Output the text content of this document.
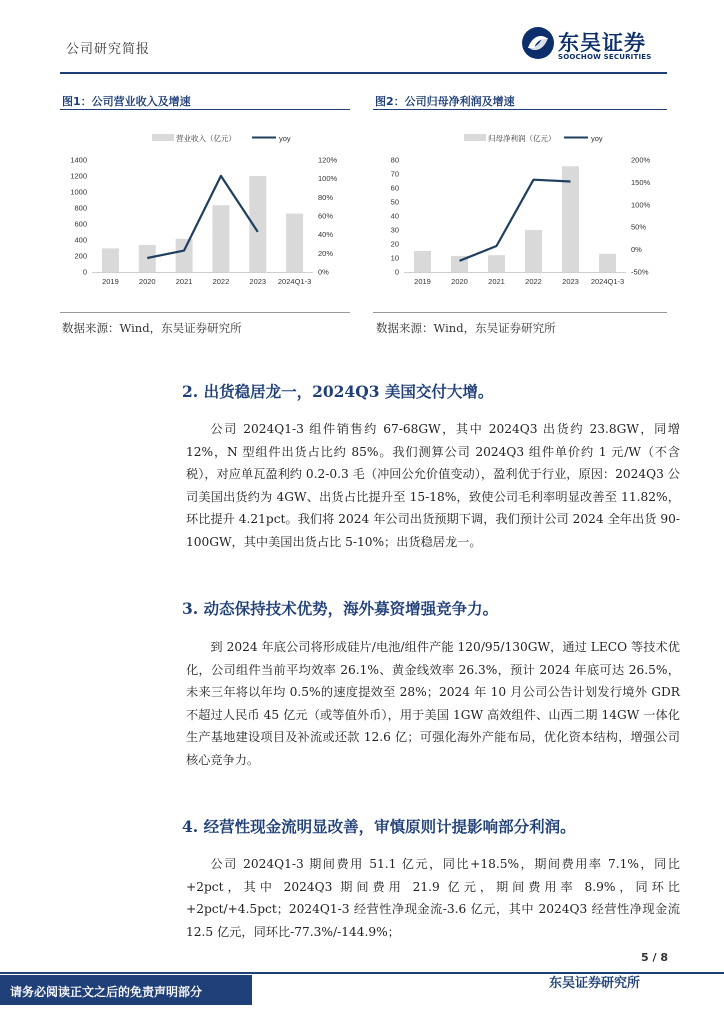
公司研究简报	东吴证券
SOOCHOW SECURITIES
图1：公司营业收入及增速	图2：公司归母净利润及增速
营业收入（亿元）	yoy
0
200
400
600
800
1000
1200
1400
0%
20%
40%
60%
80%
100%
120%
2019	2020	2021	2022	2023 2024Q1-3
归母净利润（亿元）	yoy
0
10
20
30
40
50
60
70
80
-50%
0%
50%
100%
150%
200%
2019	2020	2021	2022	2023 2024Q1-3
数据来源：Wind，东吴证券研究所	数据来源：Wind，东吴证券研究所
2. 出货稳居龙一，2024Q3 美国交付大增。

公司 2024Q1-3 组件销售约 67-68GW，其中 2024Q3 出货约 23.8GW，同增 12%，N 型组件出货占比约 85%。我们测算公司 2024Q3 组件单价约 1 元/W（不含税），对应单瓦盈利约 0.2-0.3 毛（冲回公允价值变动），盈利优于行业，原因：2024Q3 公司美国出货约为 4GW、出货占比提升至 15-18%，致使公司毛利率明显改善至 11.82%，环比提升 4.21pct。我们将 2024 年公司出货预期下调，我们预计公司 2024 全年出货 90-100GW，其中美国出货占比 5-10%；出货稳居龙一。

3. 动态保持技术优势，海外募资增强竞争力。

到 2024 年底公司将形成硅片/电池/组件产能 120/95/130GW，通过 LECO 等技术优化，公司组件当前平均效率 26.1%、黄金线效率 26.3%，预计 2024 年底可达 26.5%，未来三年将以年均 0.5%的速度提效至 28%；2024 年 10 月公司公告计划发行境外 GDR 不超过人民币 45 亿元（或等值外币），用于美国 1GW 高效组件、山西二期 14GW 一体化生产基地建设项目及补流或还款 12.6 亿；可强化海外产能布局，优化资本结构，增强公司核心竞争力。

4. 经营性现金流明显改善，审慎原则计提影响部分利润。

公司 2024Q1-3 期间费用 51.1 亿元，同比+18.5%，期间费用率 7.1%，同比+2pct，其中 2024Q3 期间费用 21.9 亿元，期间费用率 8.9%，同环比+2pct/+4.5pct；2024Q1-3 经营性净现金流-3.6 亿元，其中 2024Q3 经营性净现金流 12.5 亿元，同环比-77.3%/-144.9%；

5 / 8
请务必阅读正文之后的免责声明部分
东吴证券研究所
